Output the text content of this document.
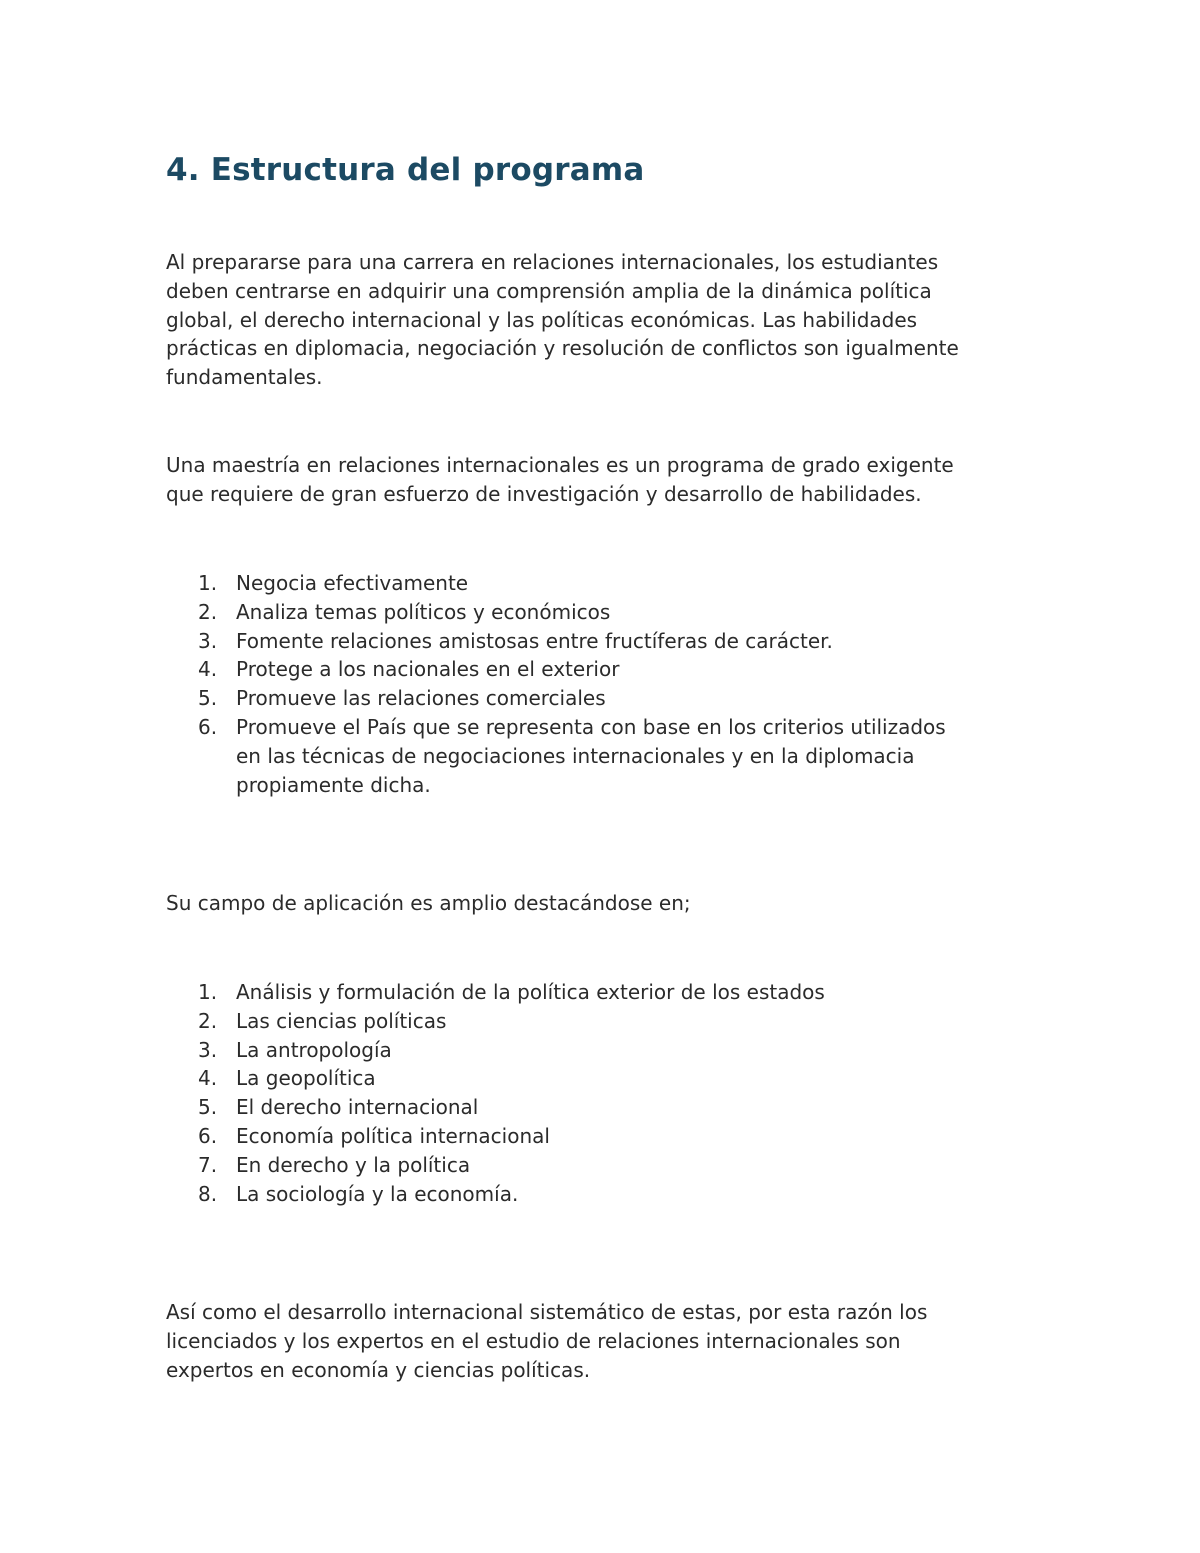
4. Estructura del programa

Al prepararse para una carrera en relaciones internacionales, los estudiantes
deben centrarse en adquirir una comprensión amplia de la dinámica política
global, el derecho internacional y las políticas económicas. Las habilidades
prácticas en diplomacia, negociación y resolución de conflictos son igualmente
fundamentales.

Una maestría en relaciones internacionales es un programa de grado exigente
que requiere de gran esfuerzo de investigación y desarrollo de habilidades.

1. Negocia efectivamente
2. Analiza temas políticos y económicos
3. Fomente relaciones amistosas entre fructíferas de carácter.
4. Protege a los nacionales en el exterior
5. Promueve las relaciones comerciales
6. Promueve el País que se representa con base en los criterios utilizados
en las técnicas de negociaciones internacionales y en la diplomacia
propiamente dicha.

Su campo de aplicación es amplio destacándose en;

1. Análisis y formulación de la política exterior de los estados
2. Las ciencias políticas
3. La antropología
4. La geopolítica
5. El derecho internacional
6. Economía política internacional
7. En derecho y la política
8. La sociología y la economía.

Así como el desarrollo internacional sistemático de estas, por esta razón los
licenciados y los expertos en el estudio de relaciones internacionales son
expertos en economía y ciencias políticas.
